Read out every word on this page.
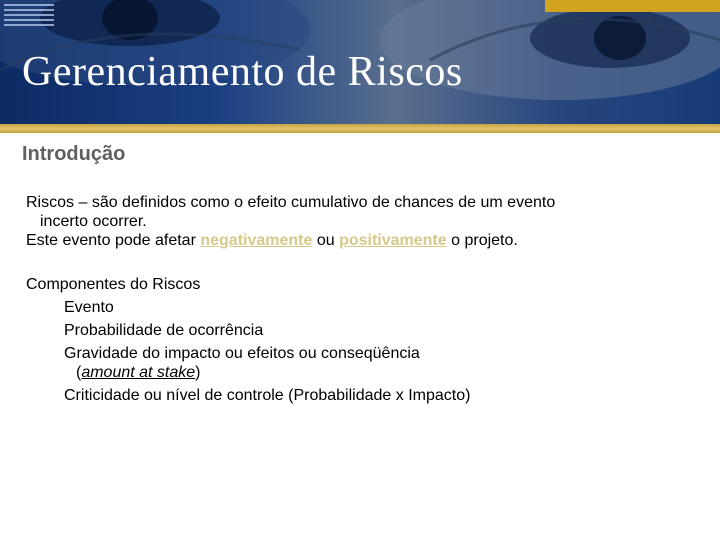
Gerenciamento de Riscos
Introdução

Riscos – são definidos como o efeito cumulativo de chances de um evento

incerto ocorrer.

Este evento pode afetar negativamente ou positivamente o projeto.

Componentes do Riscos

Evento
Probabilidade de ocorrência
Gravidade do impacto ou efeitos ou conseqüência
(amount at stake)
Criticidade ou nível de controle (Probabilidade x Impacto)
